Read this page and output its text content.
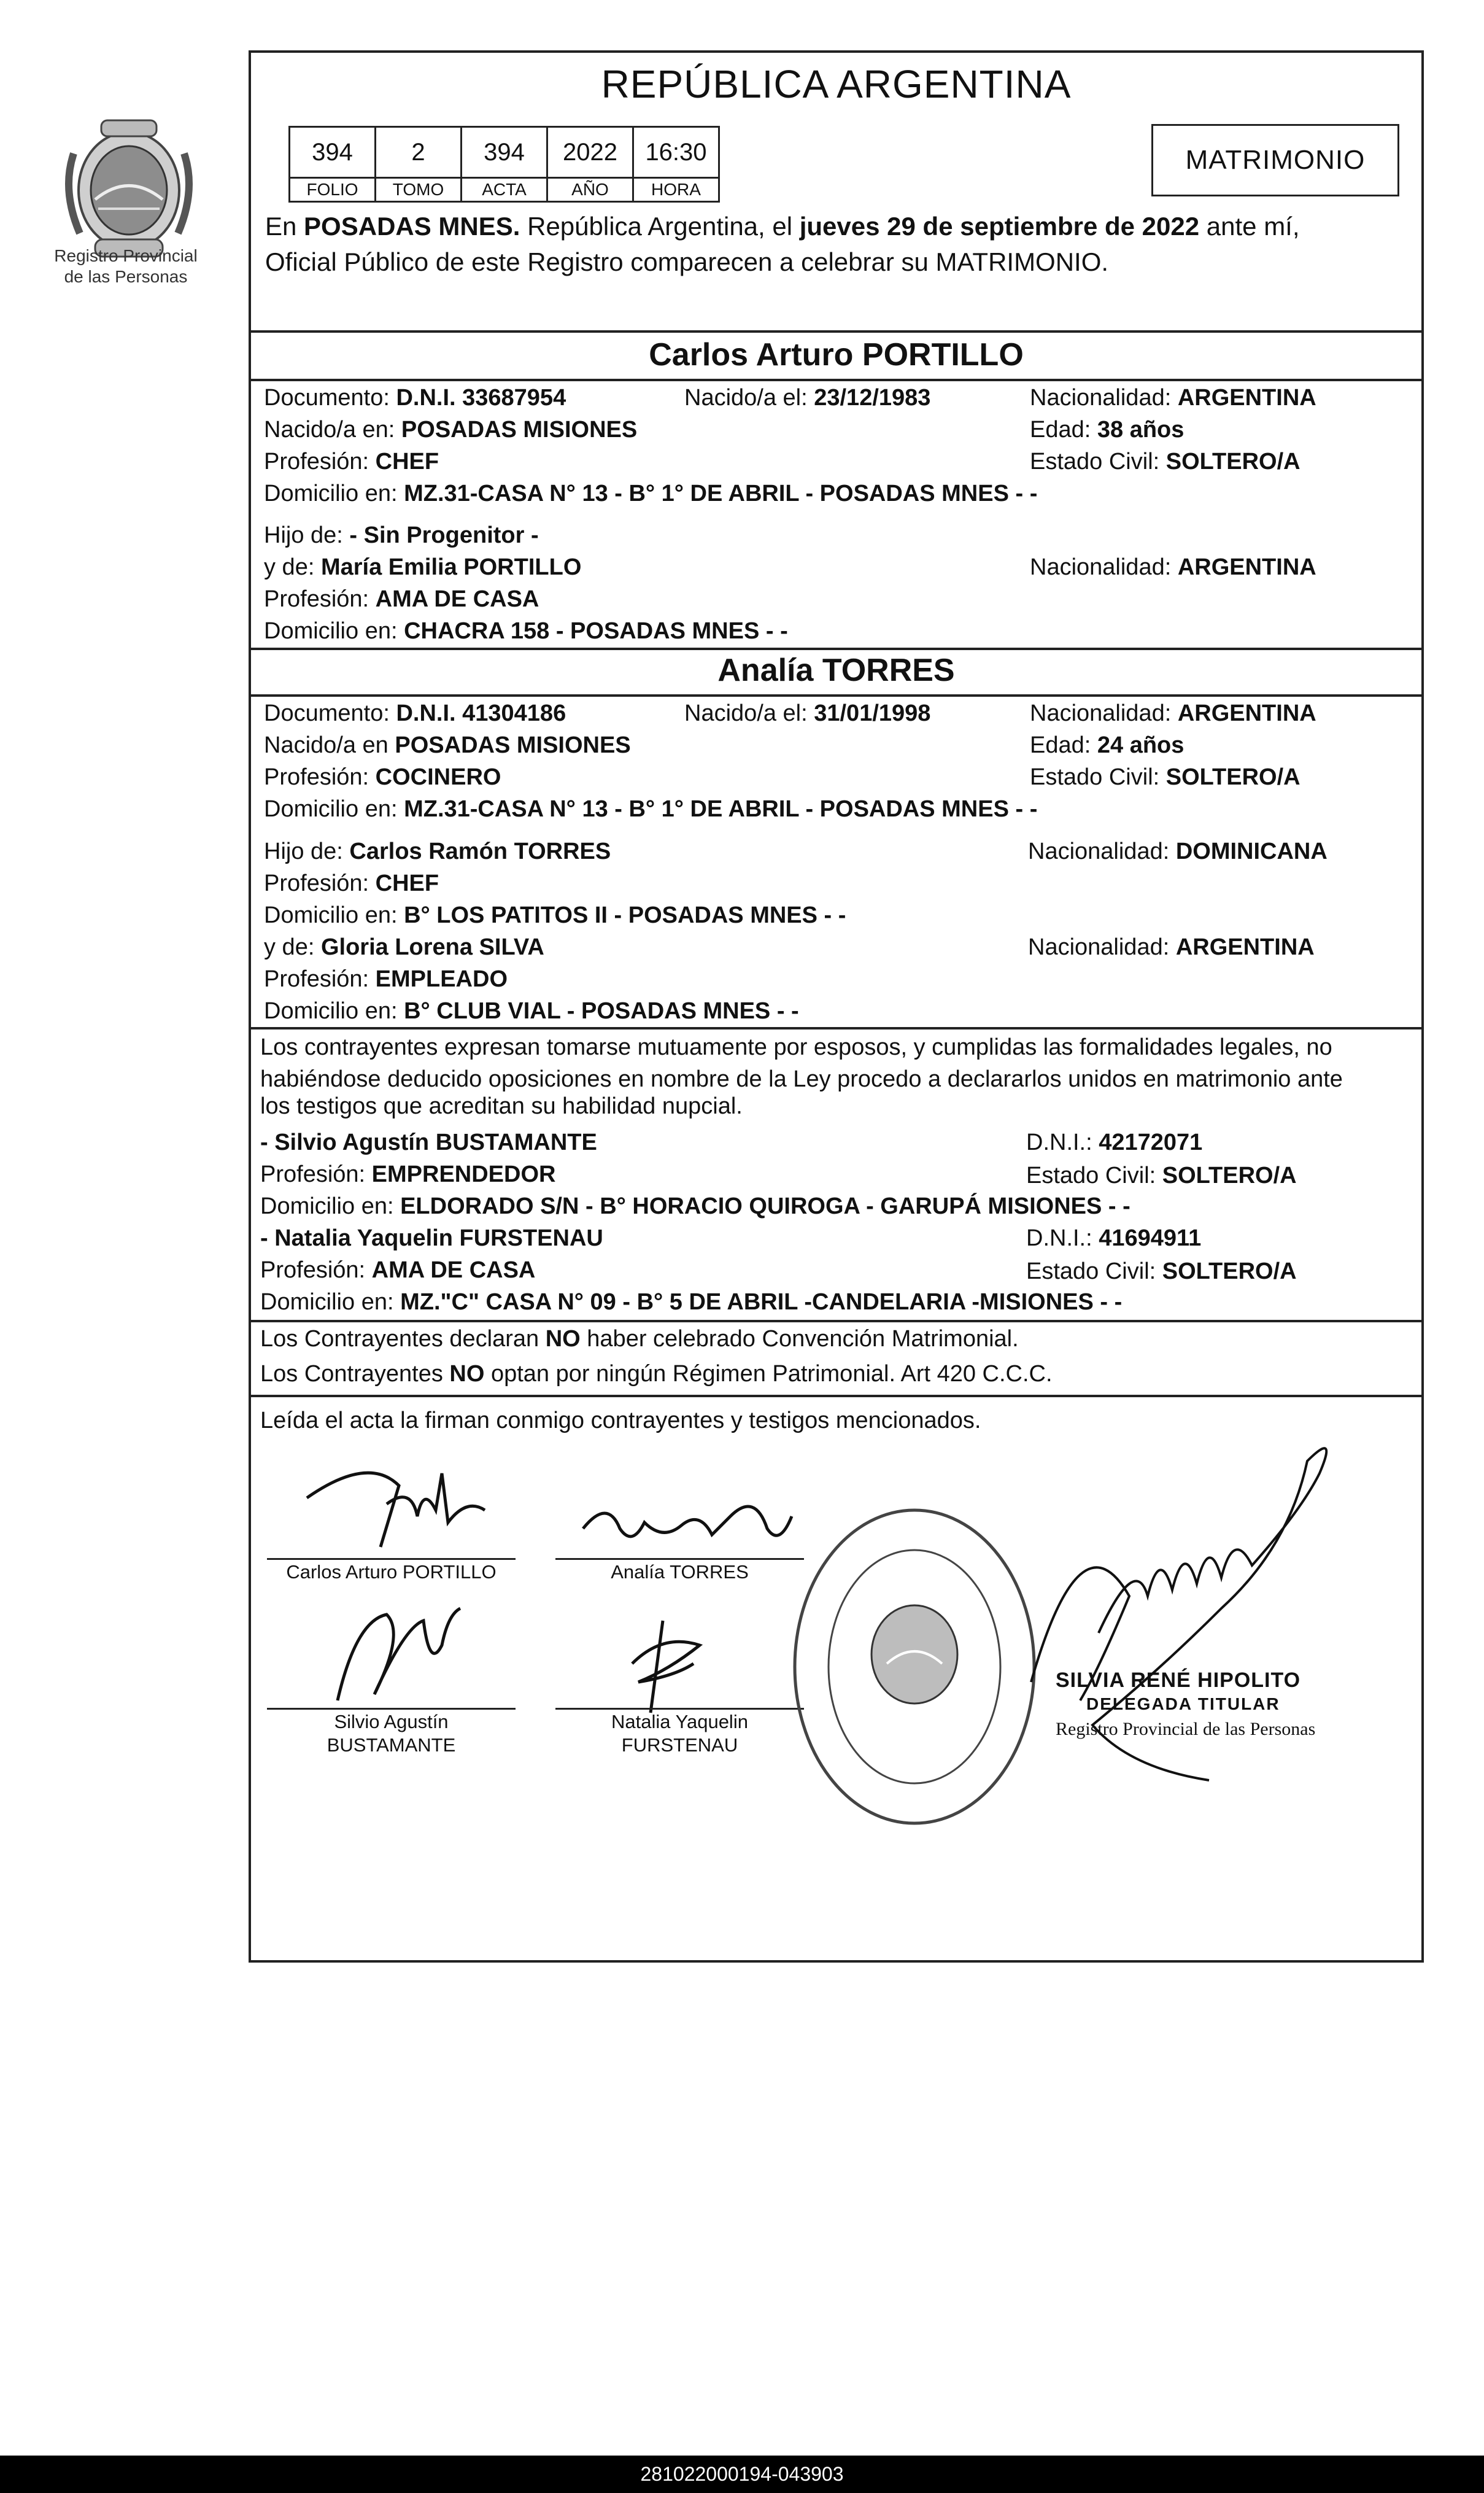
Registro Provincial
de las Personas
REPÚBLICA ARGENTINA
394	2	394	2022	16:30
FOLIO	TOMO	ACTA	AÑO	HORA
MATRIMONIO
En POSADAS MNES. República Argentina, el jueves 29 de septiembre de 2022 ante mí,
Oficial Público de este Registro comparecen a celebrar su MATRIMONIO.
Carlos Arturo PORTILLO
Documento: D.N.I. 33687954	Nacido/a el: 23/12/1983	Nacionalidad: ARGENTINA
Nacido/a en: POSADAS MISIONES	Edad: 38 años
Profesión: CHEF	Estado Civil: SOLTERO/A
Domicilio en: MZ.31-CASA N° 13 - B° 1° DE ABRIL - POSADAS MNES - -
Hijo de: - Sin Progenitor -
y de: María Emilia PORTILLO	Nacionalidad: ARGENTINA
Profesión: AMA DE CASA
Domicilio en: CHACRA 158 - POSADAS MNES - -
Analía TORRES
Documento: D.N.I. 41304186	Nacido/a el: 31/01/1998	Nacionalidad: ARGENTINA
Nacido/a en POSADAS MISIONES	Edad: 24 años
Profesión: COCINERO	Estado Civil: SOLTERO/A
Domicilio en: MZ.31-CASA N° 13 - B° 1° DE ABRIL - POSADAS MNES - -
Hijo de: Carlos Ramón TORRES	Nacionalidad: DOMINICANA
Profesión: CHEF
Domicilio en: B° LOS PATITOS II - POSADAS MNES - -
y de: Gloria Lorena SILVA	Nacionalidad: ARGENTINA
Profesión: EMPLEADO
Domicilio en: B° CLUB VIAL - POSADAS MNES - -
Los contrayentes expresan tomarse mutuamente por esposos, y cumplidas las formalidades legales, no
habiéndose deducido oposiciones en nombre de la Ley procedo a declararlos unidos en matrimonio ante
los testigos que acreditan su habilidad nupcial.
- Silvio Agustín BUSTAMANTE	D.N.I.: 42172071
Profesión: EMPRENDEDOR	Estado Civil: SOLTERO/A
Domicilio en: ELDORADO S/N - B° HORACIO QUIROGA - GARUPÁ MISIONES - -
- Natalia Yaquelin FURSTENAU	D.N.I.: 41694911
Profesión: AMA DE CASA	Estado Civil: SOLTERO/A
Domicilio en: MZ."C" CASA N° 09 - B° 5 DE ABRIL -CANDELARIA -MISIONES - -
Los Contrayentes declaran NO haber celebrado Convención Matrimonial.
Los Contrayentes NO optan por ningún Régimen Patrimonial. Art 420 C.C.C.
Leída el acta la firman conmigo contrayentes y testigos mencionados.
Carlos Arturo PORTILLO	Analía TORRES
Silvio Agustín
BUSTAMANTE
Natalia Yaquelin
FURSTENAU
SILVIA RENÉ HIPOLITO
DELEGADA TITULAR
Registro Provincial de las Personas
281022000194-043903
